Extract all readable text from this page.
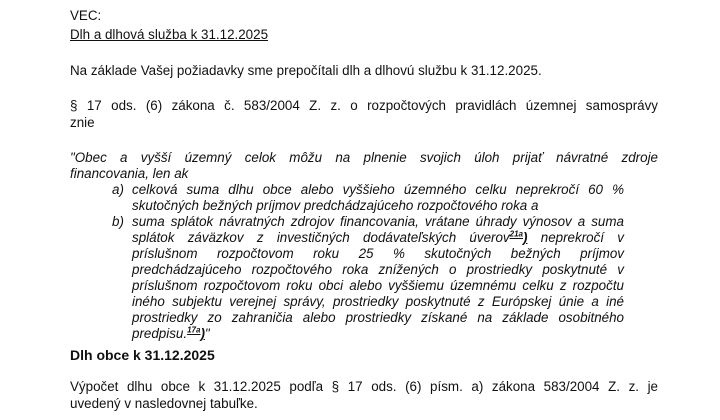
VEC:
Dlh a dlhová služba k 31.12.2025
Na základe Vašej požiadavky sme prepočítali dlh a dlhovú službu k 31.12.2025.
§ 17 ods. (6) zákona č. 583/2004 Z. z. o rozpočtových pravidlách územnej samosprávy
znie
"Obec a vyšší územný celok môžu na plnenie svojich úloh prijať návratné zdroje
financovania, len ak
a) celková suma dlhu obce alebo vyššieho územného celku neprekročí 60 %
skutočných bežných príjmov predchádzajúceho rozpočtového roka a
b) suma splátok návratných zdrojov financovania, vrátane úhrady výnosov a suma
splátok záväzkov z investičných dodávateľských úverov$^{21a}$) neprekročí v
príslušnom rozpočtovom roku 25 % skutočných bežných príjmov
predchádzajúceho rozpočtového roka znížených o prostriedky poskytnuté v
príslušnom rozpočtovom roku obci alebo vyššiemu územnému celku z rozpočtu
iného subjektu verejnej správy, prostriedky poskytnuté z Európskej únie a iné
prostriedky zo zahraničia alebo prostriedky získané na základe osobitného
predpisu.$^{17a}$)"
Dlh obce k 31.12.2025
Výpočet dlhu obce k 31.12.2025 podľa § 17 ods. (6) písm. a) zákona 583/2004 Z. z. je
uvedený v nasledovnej tabuľke.
